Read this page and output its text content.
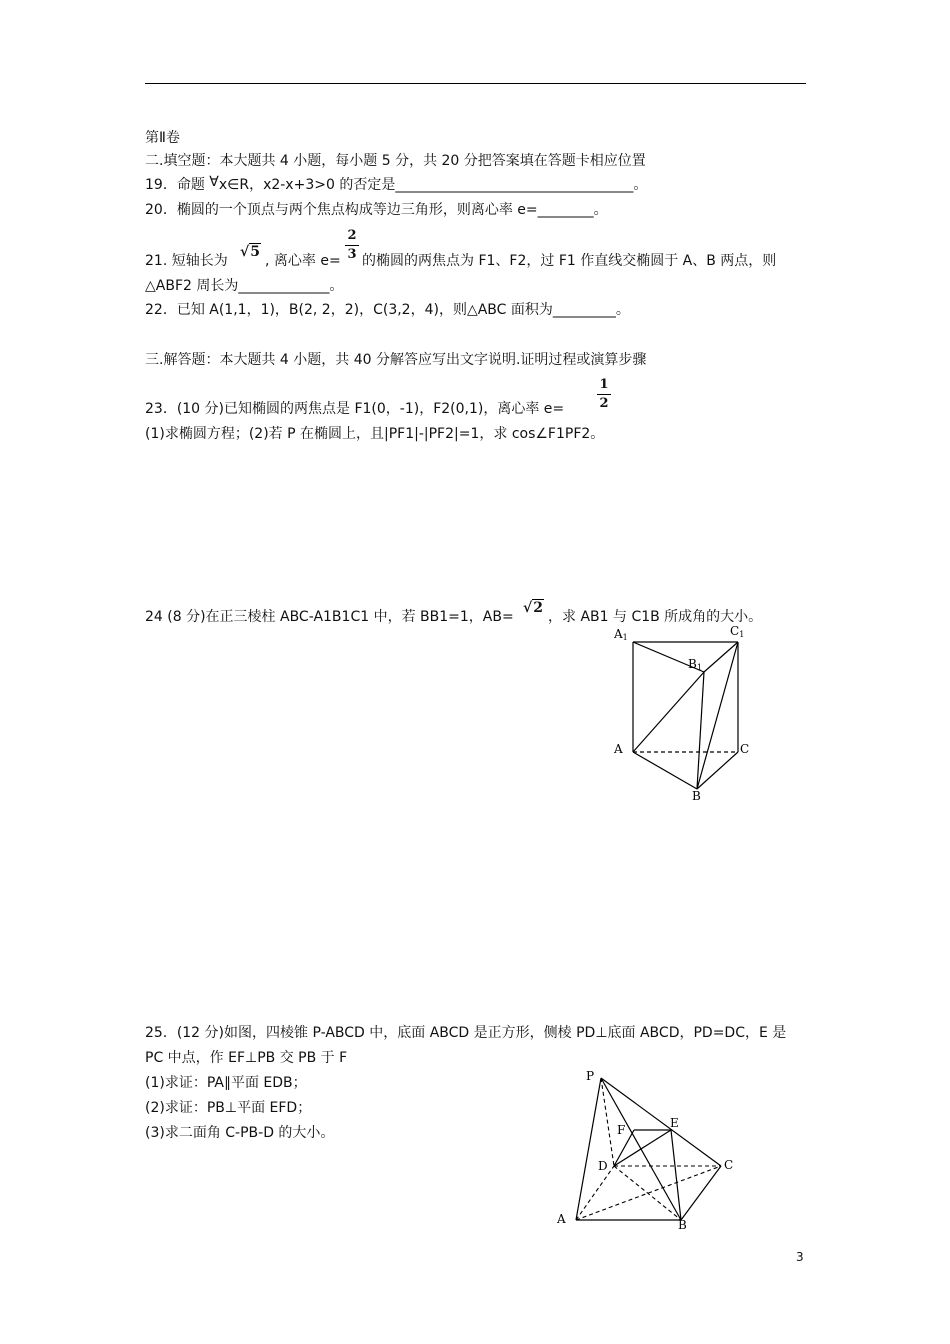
第Ⅱ卷
二.填空题：本大题共 4 小题，每小题 5 分，共 20 分把答案填在答题卡相应位置
19．命题 ∀x∈R，x2-x+3>0 的否定是__________________________________。
20．椭圆的一个顶点与两个焦点构成等边三角形，则离心率 e=________。
21. 短轴长为
√5
, 离心率 e=
2
3 的椭圆的两焦点为 F1、F2，过 F1 作直线交椭圆于 A、B 两点，则
△ABF2 周长为_____________。
22．已知 A(1,1，1)，B(2, 2，2)，C(3,2，4)，则△ABC 面积为_________。
三.解答题：本大题共 4 小题，共 40 分解答应写出文字说明.证明过程或演算步骤
23．(10 分)已知椭圆的两焦点是 F1(0，-1)，F2(0,1)，离心率 e=
1
2
(1)求椭圆方程；(2)若 P 在椭圆上，且|PF1|-|PF2|=1，求 cos∠F1PF2。
24 (8 分)在正三棱柱 ABC-A1B1C1 中，若 BB1=1，AB=
√2
，求 AB1 与 C1B 所成角的大小。
A1	C1
B1
A	C
B
25．(12 分)如图，四棱锥 P-ABCD 中，底面 ABCD 是正方形，侧棱 PD⊥底面 ABCD，PD=DC，E 是
PC 中点，作 EF⊥PB 交 PB 于 F
(1)求证：PA∥平面 EDB；
(2)求证：PB⊥平面 EFD；
(3)求二面角 C-PB-D 的大小。
P
E
F
D	C
A	B
3
